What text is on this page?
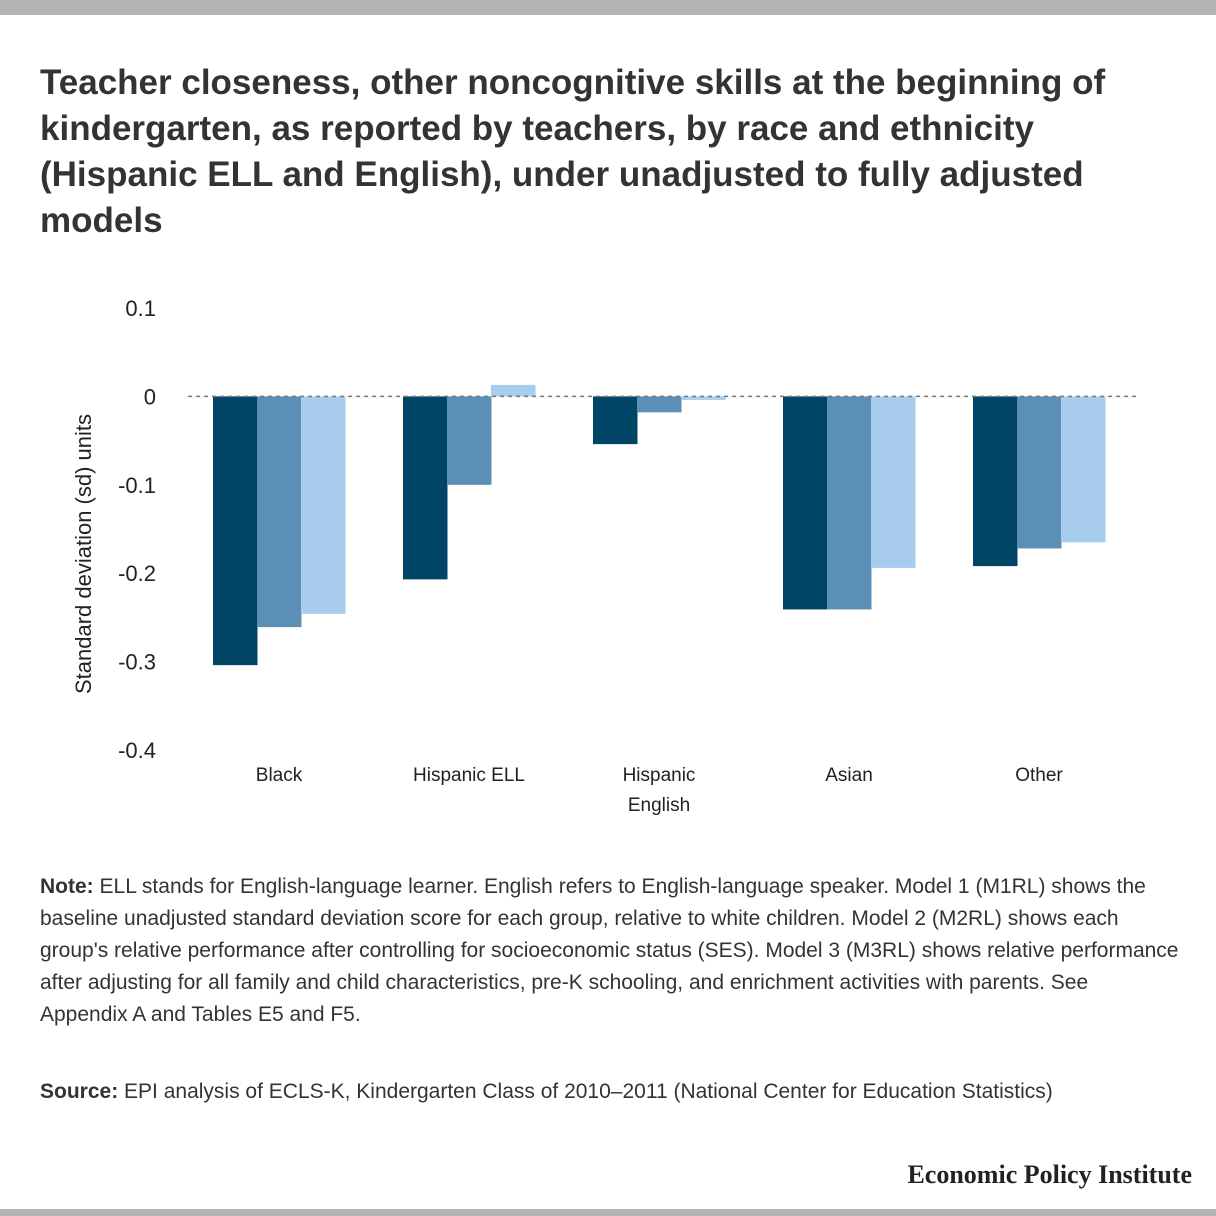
Teacher closeness, other noncognitive skills at the beginning of kindergarten, as reported by teachers, by race and ethnicity (Hispanic ELL and English), under unadjusted to fully adjusted models
0.1
0
-0.1
-0.2
-0.3
-0.4
Standard deviation (sd) units
Black	Hispanic ELL	Hispanic
English
Asian	Other

Note: ELL stands for English-language learner. English refers to English-language speaker. Model 1 (M1RL) shows the baseline unadjusted standard deviation score for each group, relative to white children. Model 2 (M2RL) shows each group's relative performance after controlling for socioeconomic status (SES). Model 3 (M3RL) shows relative performance after adjusting for all family and child characteristics, pre-K schooling, and enrichment activities with parents. See Appendix A and Tables E5 and F5.

Source: EPI analysis of ECLS-K, Kindergarten Class of 2010–2011 (National Center for Education Statistics)

Economic Policy Institute
